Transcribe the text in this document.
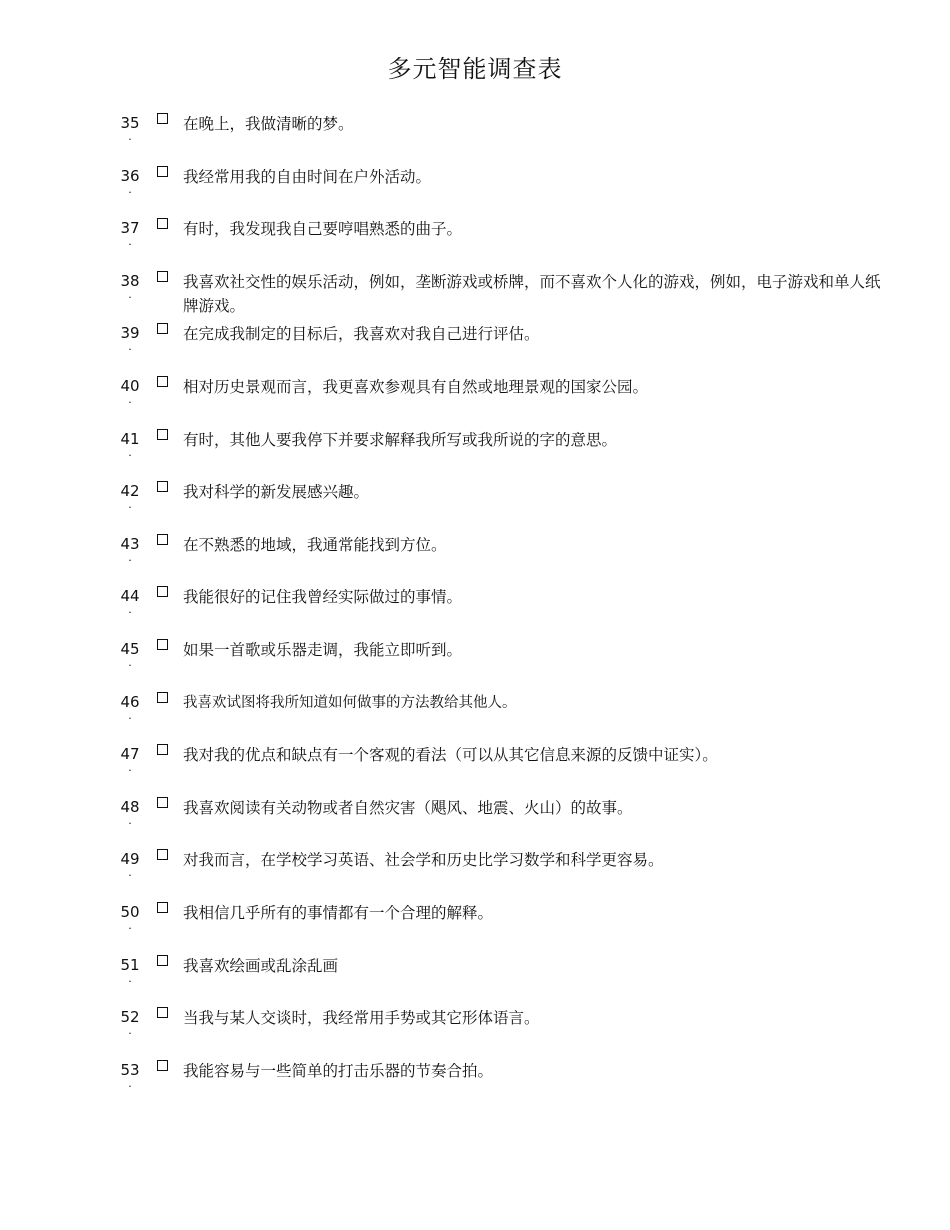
多元智能调查表
35
.
在晚上，我做清晰的梦。
36
.
我经常用我的自由时间在户外活动。
37
.
有时，我发现我自己要哼唱熟悉的曲子。
38
.
我喜欢社交性的娱乐活动，例如，垄断游戏或桥牌，而不喜欢个人化的游戏，例如，电子游戏和单人纸牌游戏。
39
.
在完成我制定的目标后，我喜欢对我自己进行评估。
40
.
相对历史景观而言，我更喜欢参观具有自然或地理景观的国家公园。
41
.
有时，其他人要我停下并要求解释我所写或我所说的字的意思。
42
.
我对科学的新发展感兴趣。
43
.
在不熟悉的地域，我通常能找到方位。
44
.
我能很好的记住我曾经实际做过的事情。
45
.
如果一首歌或乐器走调，我能立即听到。
46
.
我喜欢试图将我所知道如何做事的方法教给其他人。
47
.
我对我的优点和缺点有一个客观的看法（可以从其它信息来源的反馈中证实）。
48
.
我喜欢阅读有关动物或者自然灾害（飓风、地震、火山）的故事。
49
.
对我而言，在学校学习英语、社会学和历史比学习数学和科学更容易。
50
.
我相信几乎所有的事情都有一个合理的解释。
51
.
我喜欢绘画或乱涂乱画
52
.
当我与某人交谈时，我经常用手势或其它形体语言。
53
.
我能容易与一些简单的打击乐器的节奏合拍。
